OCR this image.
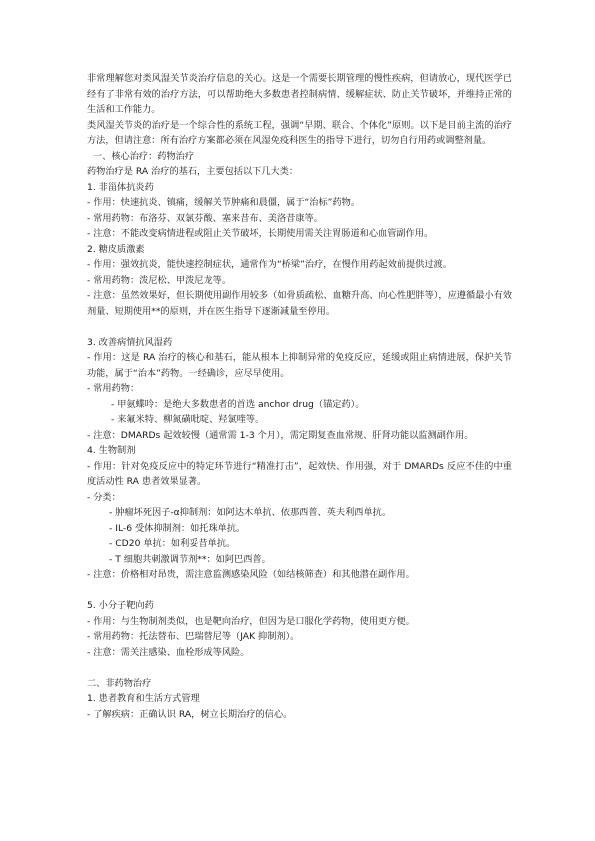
非常理解您对类风湿关节炎治疗信息的关心。这是一个需要长期管理的慢性疾病，但请放心，现代医学已经有了非常有效的治疗方法，可以帮助绝大多数患者控制病情、缓解症状、防止关节破坏，并维持正常的生活和工作能力。

类风湿关节炎的治疗是一个综合性的系统工程，强调“早期、联合、个体化”原则。以下是目前主流的治疗方法，但请注意：所有治疗方案都必须在风湿免疫科医生的指导下进行，切勿自行用药或调整剂量。

一、核心治疗：药物治疗

药物治疗是 RA 治疗的基石，主要包括以下几大类：

1. 非甾体抗炎药

- 作用：快速抗炎、镇痛，缓解关节肿痛和晨僵，属于“治标”药物。

- 常用药物：布洛芬、双氯芬酸、塞来昔布、美洛昔康等。

- 注意：不能改变病情进程或阻止关节破坏，长期使用需关注胃肠道和心血管副作用。

2. 糖皮质激素

- 作用：强效抗炎，能快速控制症状，通常作为“桥梁”治疗，在慢作用药起效前提供过渡。

- 常用药物：泼尼松、甲泼尼龙等。

- 注意：虽然效果好，但长期使用副作用较多（如骨质疏松、血糖升高、向心性肥胖等），应遵循最小有效剂量、短期使用**的原则，并在医生指导下逐渐减量至停用。

3. 改善病情抗风湿药

- 作用：这是 RA 治疗的核心和基石，能从根本上抑制异常的免疫反应，延缓或阻止病情进展，保护关节功能，属于“治本”药物。一经确诊，应尽早使用。

- 常用药物：

- 甲氨蝶呤：是绝大多数患者的首选 anchor drug（锚定药）。

- 来氟米特、柳氮磺吡啶、羟氯喹等。

- 注意：DMARDs 起效较慢（通常需 1-3 个月），需定期复查血常规、肝肾功能以监测副作用。

4. 生物制剂

- 作用：针对免疫反应中的特定环节进行“精准打击”，起效快、作用强，对于 DMARDs 反应不佳的中重度活动性 RA 患者效果显著。

- 分类：

- 肿瘤坏死因子-α抑制剂：如阿达木单抗、依那西普、英夫利西单抗。

- IL-6 受体抑制剂：如托珠单抗。

- CD20 单抗：如利妥昔单抗。

- T 细胞共刺激调节剂**：如阿巴西普。

- 注意：价格相对昂贵，需注意监测感染风险（如结核筛查）和其他潜在副作用。

5. 小分子靶向药

- 作用：与生物制剂类似，也是靶向治疗，但因为是口服化学药物，使用更方便。

- 常用药物：托法替布、巴瑞替尼等（JAK 抑制剂）。

- 注意：需关注感染、血栓形成等风险。

二、非药物治疗

1. 患者教育和生活方式管理

- 了解疾病：正确认识 RA，树立长期治疗的信心。
